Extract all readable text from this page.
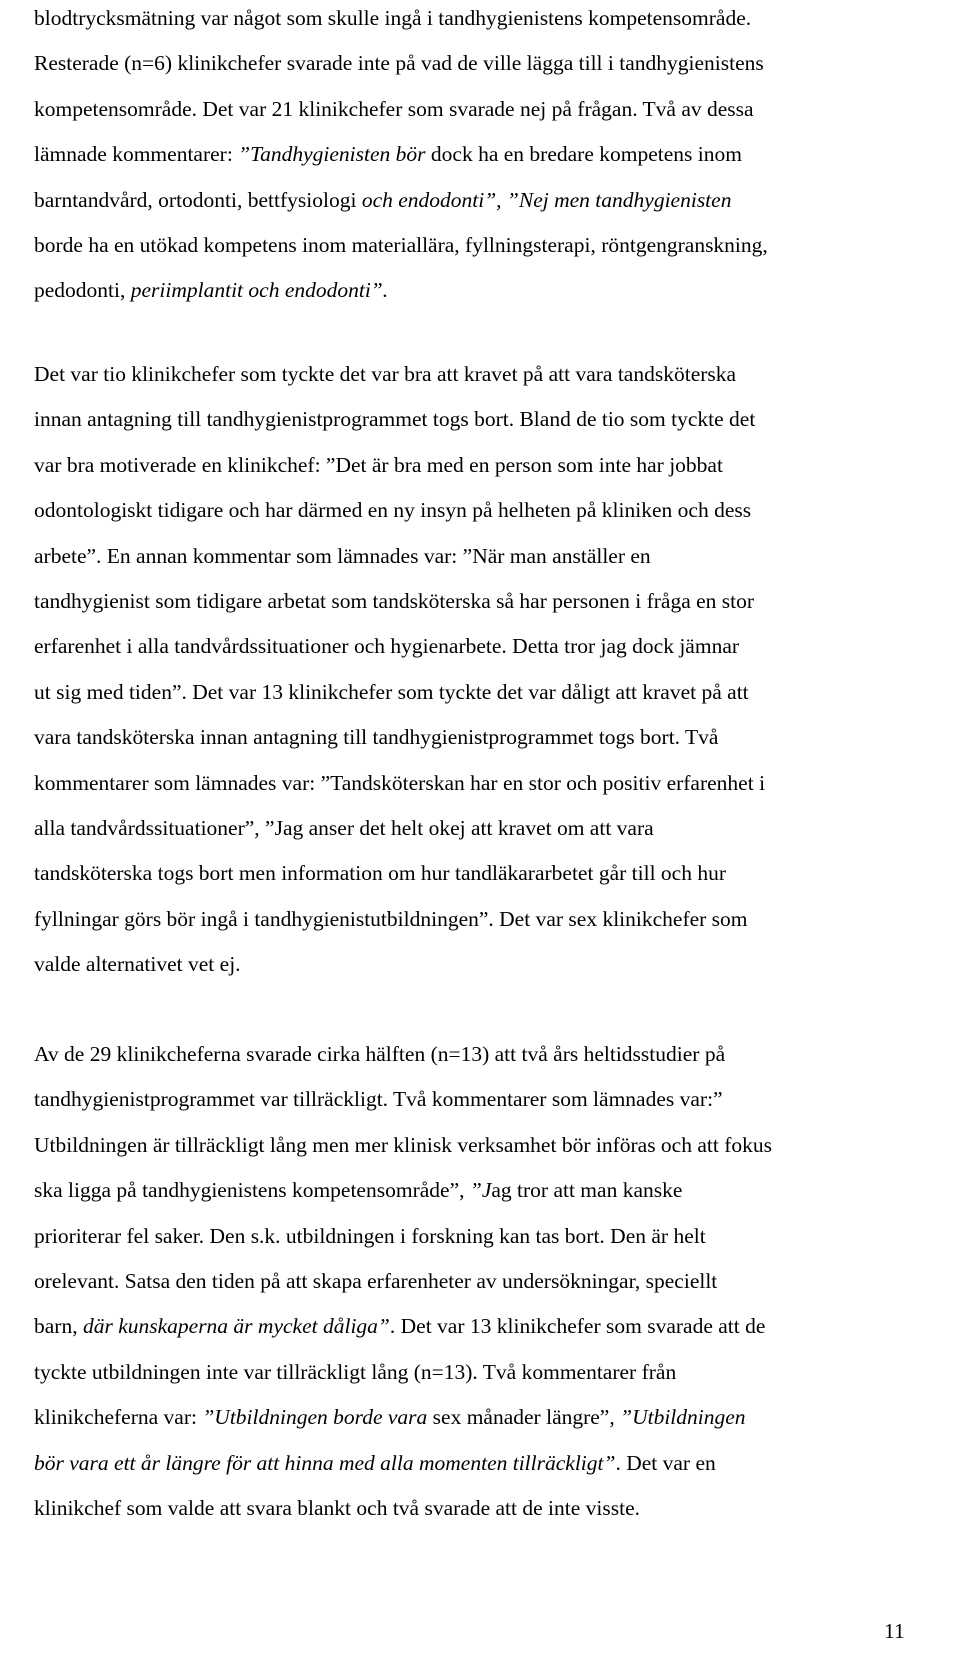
blodtrycksmätning var något som skulle ingå i tandhygienistens kompetensområde.

Resterade (n=6) klinikchefer svarade inte på vad de ville lägga till i tandhygienistens

kompetensområde. Det var 21 klinikchefer som svarade nej på frågan. Två av dessa

lämnade kommentarer: ”Tandhygienisten bör dock ha en bredare kompetens inom

barntandvård, ortodonti, bettfysiologi och endodonti”, ”Nej men tandhygienisten

borde ha en utökad kompetens inom materiallära, fyllningsterapi, röntgengranskning,

pedodonti, periimplantit och endodonti”.

Det var tio klinikchefer som tyckte det var bra att kravet på att vara tandsköterska

innan antagning till tandhygienistprogrammet togs bort. Bland de tio som tyckte det

var bra motiverade en klinikchef: ”Det är bra med en person som inte har jobbat

odontologiskt tidigare och har därmed en ny insyn på helheten på kliniken och dess

arbete”. En annan kommentar som lämnades var: ”När man anställer en

tandhygienist som tidigare arbetat som tandsköterska så har personen i fråga en stor

erfarenhet i alla tandvårdssituationer och hygienarbete. Detta tror jag dock jämnar

ut sig med tiden”. Det var 13 klinikchefer som tyckte det var dåligt att kravet på att

vara tandsköterska innan antagning till tandhygienistprogrammet togs bort. Två

kommentarer som lämnades var: ”Tandsköterskan har en stor och positiv erfarenhet i

alla tandvårdssituationer”, ”Jag anser det helt okej att kravet om att vara

tandsköterska togs bort men information om hur tandläkararbetet går till och hur

fyllningar görs bör ingå i tandhygienistutbildningen”. Det var sex klinikchefer som

valde alternativet vet ej.

Av de 29 klinikcheferna svarade cirka hälften (n=13) att två års heltidsstudier på

tandhygienistprogrammet var tillräckligt. Två kommentarer som lämnades var:”

Utbildningen är tillräckligt lång men mer klinisk verksamhet bör införas och att fokus

ska ligga på tandhygienistens kompetensområde”, ”Jag tror att man kanske

prioriterar fel saker. Den s.k. utbildningen i forskning kan tas bort. Den är helt

orelevant. Satsa den tiden på att skapa erfarenheter av undersökningar, speciellt

barn, där kunskaperna är mycket dåliga”. Det var 13 klinikchefer som svarade att de

tyckte utbildningen inte var tillräckligt lång (n=13). Två kommentarer från

klinikcheferna var: ”Utbildningen borde vara sex månader längre”, ”Utbildningen

bör vara ett år längre för att hinna med alla momenten tillräckligt”. Det var en

klinikchef som valde att svara blankt och två svarade att de inte visste.

11
